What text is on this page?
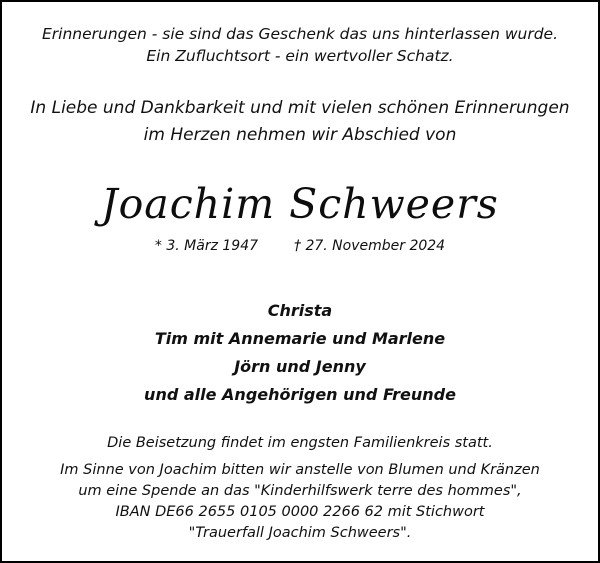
Erinnerungen - sie sind das Geschenk das uns hinterlassen wurde.

Ein Zufluchtsort - ein wertvoller Schatz.

In Liebe und Dankbarkeit und mit vielen schönen Erinnerungen

im Herzen nehmen wir Abschied von

Joachim Schweers

* 3. März 1947	† 27. November 2024

Christa

Tim mit Annemarie und Marlene

Jörn und Jenny

und alle Angehörigen und Freunde

Die Beisetzung findet im engsten Familienkreis statt.

Im Sinne von Joachim bitten wir anstelle von Blumen und Kränzen

um eine Spende an das "Kinderhilfswerk terre des hommes",

IBAN DE66 2655 0105 0000 2266 62 mit Stichwort

"Trauerfall Joachim Schweers".
